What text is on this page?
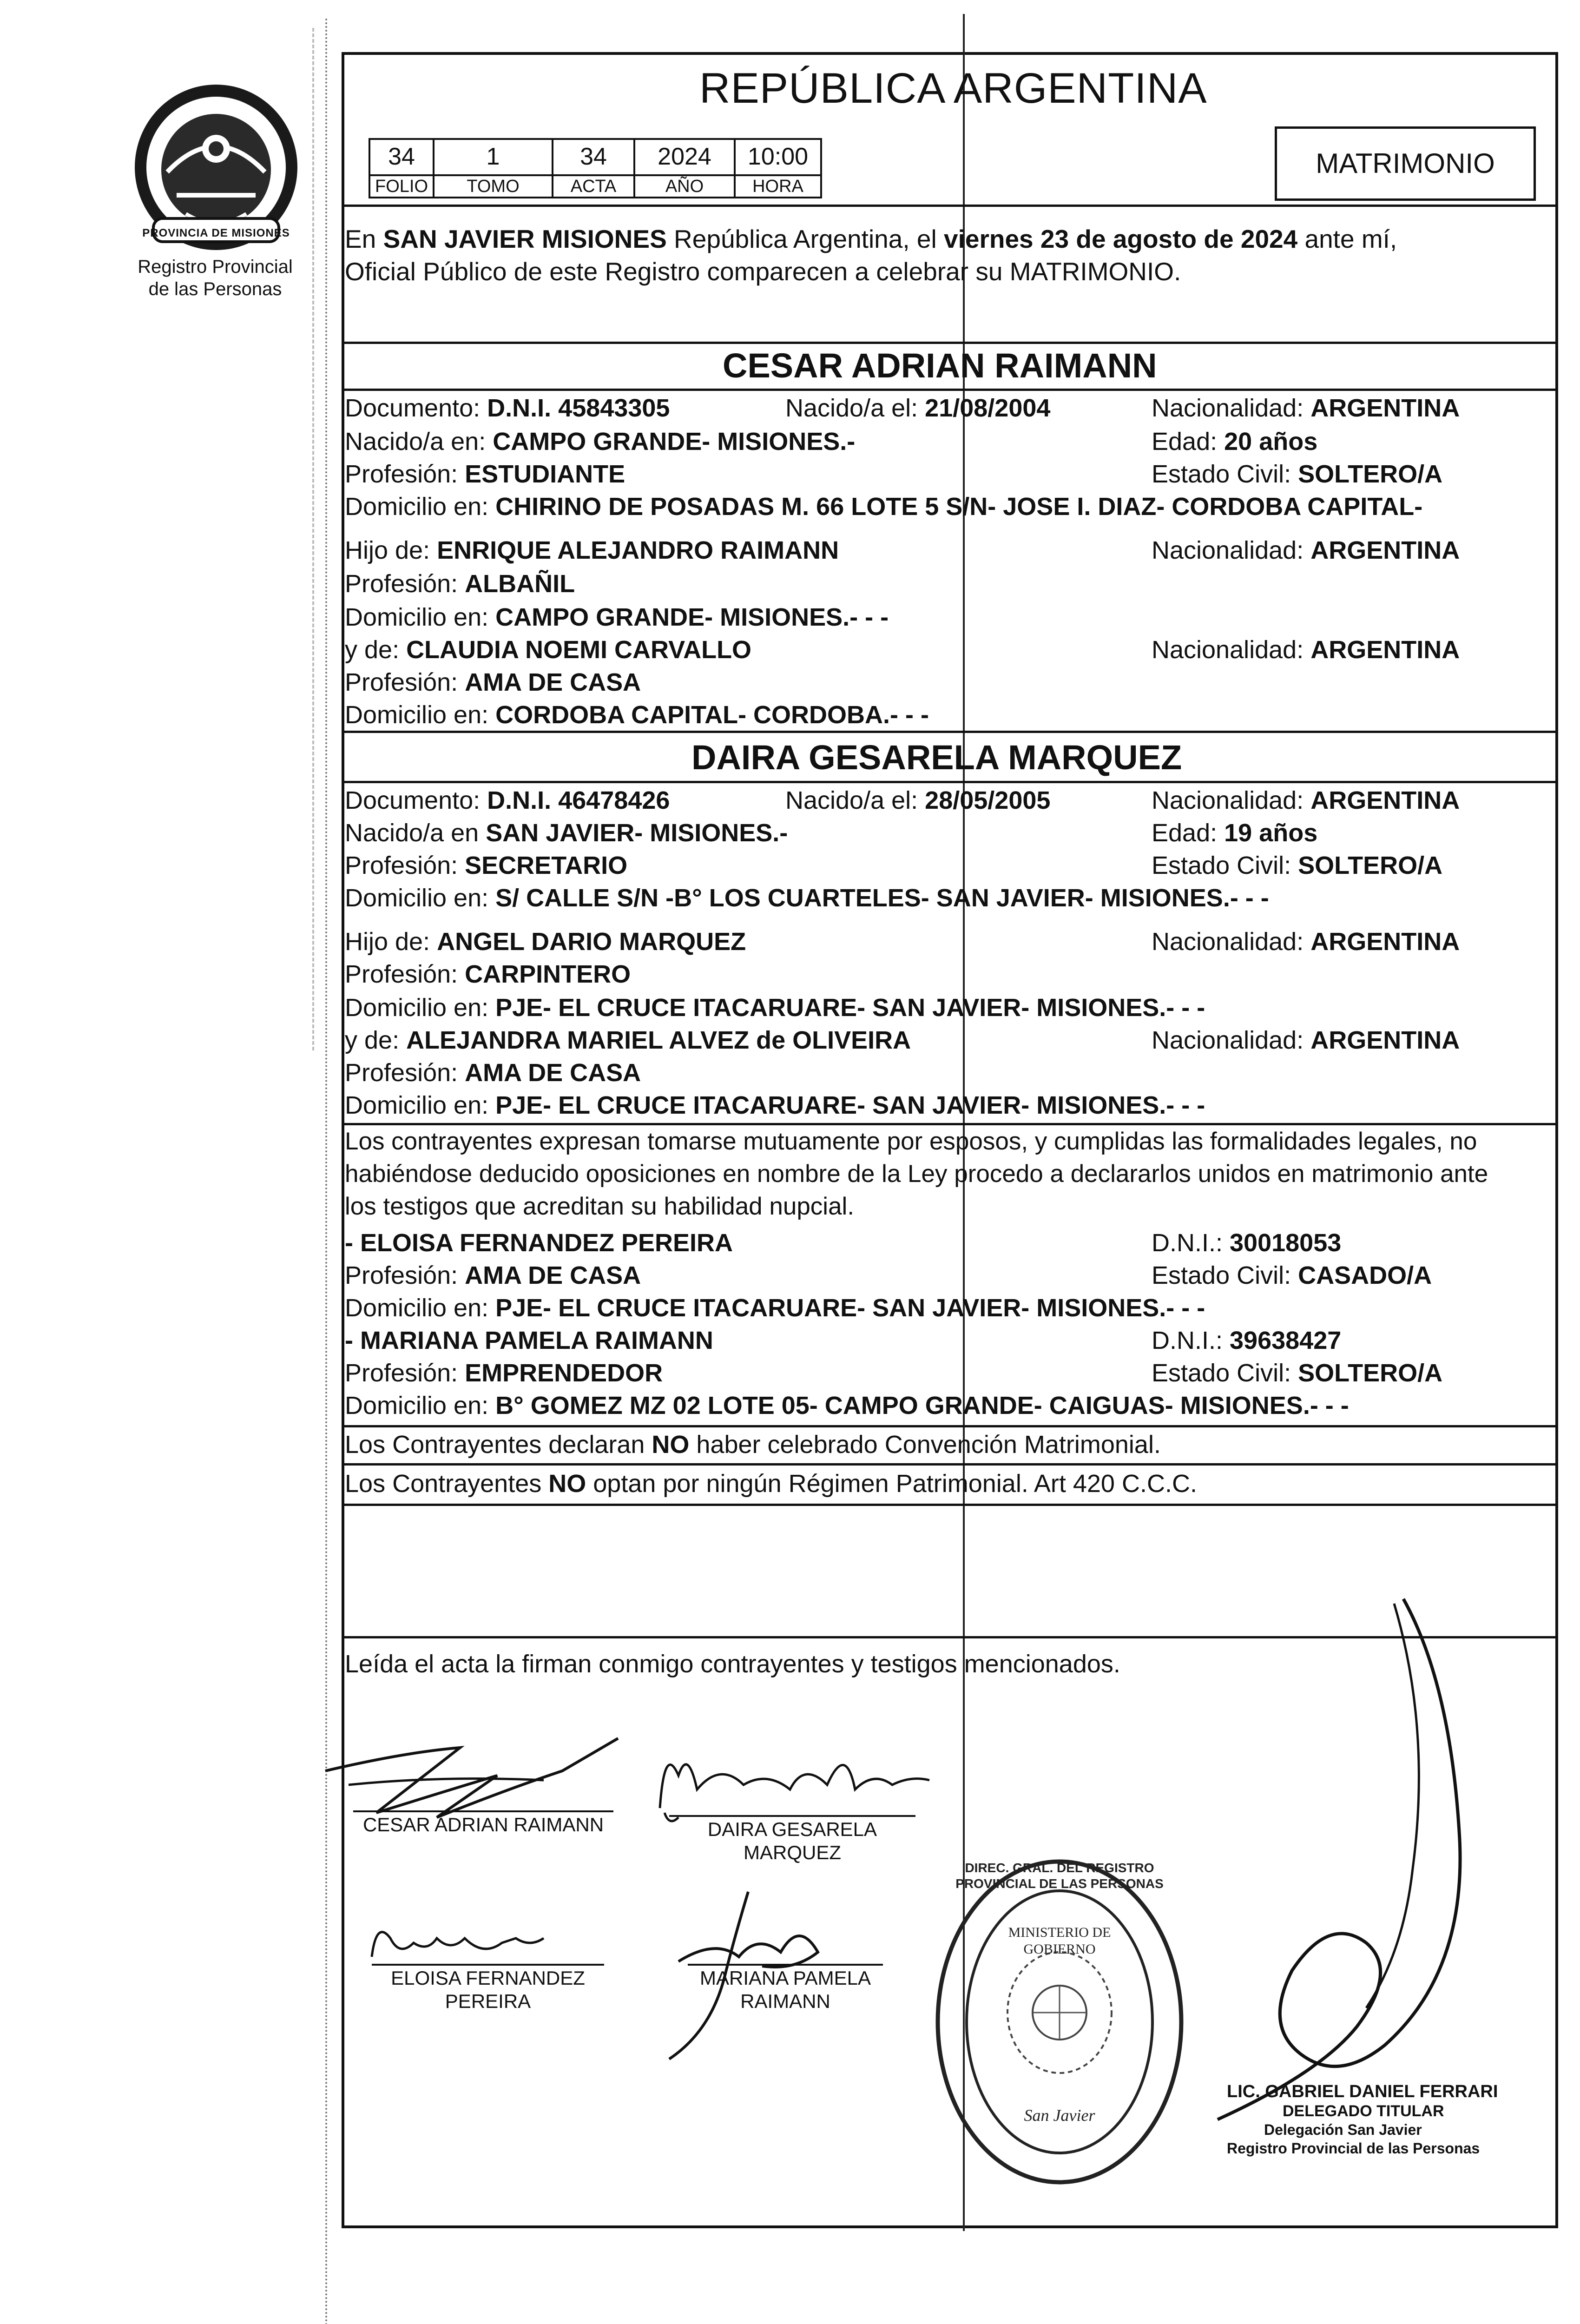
PROVINCIA DE MISIONES
Registro Provincial
de las Personas
REPÚBLICA ARGENTINA
34	1	34	2024	10:00
FOLIO	TOMO	ACTA	AÑO	HORA
MATRIMONIO
En SAN JAVIER MISIONES República Argentina, el viernes 23 de agosto de 2024 ante mí,
Oficial Público de este Registro comparecen a celebrar su MATRIMONIO.
CESAR ADRIAN RAIMANN
Documento: D.N.I. 45843305	Nacido/a el: 21/08/2004	Nacionalidad: ARGENTINA
Nacido/a en: CAMPO GRANDE- MISIONES.-	Edad: 20 años
Profesión: ESTUDIANTE	Estado Civil: SOLTERO/A
Domicilio en: CHIRINO DE POSADAS M. 66 LOTE 5 S/N- JOSE I. DIAZ- CORDOBA CAPITAL-
Hijo de: ENRIQUE ALEJANDRO RAIMANN	Nacionalidad: ARGENTINA
Profesión: ALBAÑIL
Domicilio en: CAMPO GRANDE- MISIONES.- - -
y de: CLAUDIA NOEMI CARVALLO	Nacionalidad: ARGENTINA
Profesión: AMA DE CASA
Domicilio en: CORDOBA CAPITAL- CORDOBA.- - -
DAIRA GESARELA MARQUEZ
Documento: D.N.I. 46478426	Nacido/a el: 28/05/2005	Nacionalidad: ARGENTINA
Nacido/a en SAN JAVIER- MISIONES.-	Edad: 19 años
Profesión: SECRETARIO	Estado Civil: SOLTERO/A
Domicilio en: S/ CALLE S/N -B° LOS CUARTELES- SAN JAVIER- MISIONES.- - -
Hijo de: ANGEL DARIO MARQUEZ	Nacionalidad: ARGENTINA
Profesión: CARPINTERO
Domicilio en: PJE- EL CRUCE ITACARUARE- SAN JAVIER- MISIONES.- - -
y de: ALEJANDRA MARIEL ALVEZ de OLIVEIRA	Nacionalidad: ARGENTINA
Profesión: AMA DE CASA
Domicilio en: PJE- EL CRUCE ITACARUARE- SAN JAVIER- MISIONES.- - -
Los contrayentes expresan tomarse mutuamente por esposos, y cumplidas las formalidades legales, no
habiéndose deducido oposiciones en nombre de la Ley procedo a declararlos unidos en matrimonio ante
los testigos que acreditan su habilidad nupcial.
- ELOISA FERNANDEZ PEREIRA	D.N.I.: 30018053
Profesión: AMA DE CASA	Estado Civil: CASADO/A
Domicilio en: PJE- EL CRUCE ITACARUARE- SAN JAVIER- MISIONES.- - -
- MARIANA PAMELA RAIMANN	D.N.I.: 39638427
Profesión: EMPRENDEDOR	Estado Civil: SOLTERO/A
Domicilio en: B° GOMEZ MZ 02 LOTE 05- CAMPO GRANDE- CAIGUAS- MISIONES.- - -
Los Contrayentes declaran NO haber celebrado Convención Matrimonial.
Los Contrayentes NO optan por ningún Régimen Patrimonial. Art 420 C.C.C.
Leída el acta la firman conmigo contrayentes y testigos mencionados.
CESAR ADRIAN RAIMANN	DAIRA GESARELA
MARQUEZ
ELOISA FERNANDEZ
PEREIRA
MARIANA PAMELA
RAIMANN
DIREC. GRAL. DEL REGISTRO PROVINCIAL DE LAS PERSONAS
MINISTERIO DE GOBIERNO
San Javier
LIC. GABRIEL DANIEL FERRARI
DELEGADO TITULAR
Delegación San Javier
Registro Provincial de las Personas
